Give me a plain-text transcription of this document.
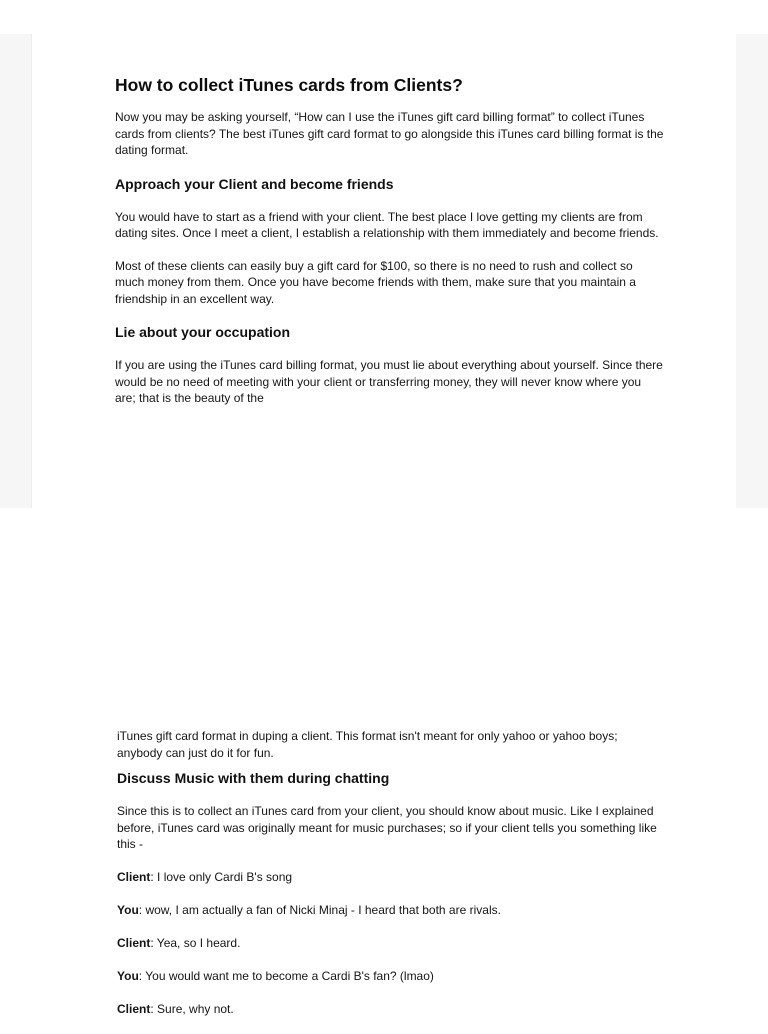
How to collect iTunes cards from Clients?

Now you may be asking yourself, “How can I use the iTunes gift card billing format” to collect iTunes cards from clients? The best iTunes gift card format to go alongside this iTunes card billing format is the dating format.

Approach your Client and become friends

You would have to start as a friend with your client. The best place I love getting my clients are from dating sites. Once I meet a client, I establish a relationship with them immediately and become friends.

Most of these clients can easily buy a gift card for $100, so there is no need to rush and collect so much money from them. Once you have become friends with them, make sure that you maintain a friendship in an excellent way.

Lie about your occupation

If you are using the iTunes card billing format, you must lie about everything about yourself. Since there would be no need of meeting with your client or transferring money, they will never know where you are; that is the beauty of the

iTunes gift card format in duping a client. This format isn't meant for only yahoo or yahoo boys; anybody can just do it for fun.

Discuss Music with them during chatting

Since this is to collect an iTunes card from your client, you should know about music. Like I explained before, iTunes card was originally meant for music purchases; so if your client tells you something like this -

Client: I love only Cardi B's song
You: wow, I am actually a fan of Nicki Minaj - I heard that both are rivals.
Client: Yea, so I heard.
You: You would want me to become a Cardi B's fan? (lmao)
Client: Sure, why not.
